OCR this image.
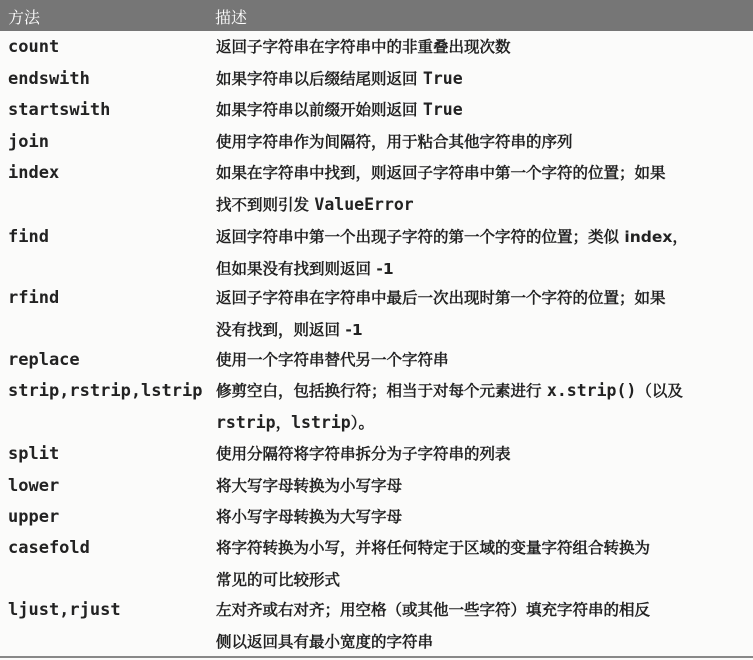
方法	描述
count	返回子字符串在字符串中的非重叠出现次数
endswith	如果字符串以后缀结尾则返回 True
startswith	如果字符串以前缀开始则返回 True
join	使用字符串作为间隔符，用于粘合其他字符串的序列
index	如果在字符串中找到，则返回子字符串中第一个字符的位置；如果
找不到则引发 ValueError
find	返回字符串中第一个出现子字符的第一个字符的位置；类似 index，
但如果没有找到则返回 -1
rfind	返回子字符串在字符串中最后一次出现时第一个字符的位置；如果
没有找到，则返回 -1
replace	使用一个字符串替代另一个字符串
strip,rstrip,lstrip 修剪空白，包括换行符；相当于对每个元素进行 x.strip()（以及
rstrip，lstrip）。
split	使用分隔符将字符串拆分为子字符串的列表
lower	将大写字母转换为小写字母
upper	将小写字母转换为大写字母
casefold	将字符转换为小写，并将任何特定于区域的变量字符组合转换为
常见的可比较形式
ljust,rjust	左对齐或右对齐；用空格（或其他一些字符）填充字符串的相反
侧以返回具有最小宽度的字符串
